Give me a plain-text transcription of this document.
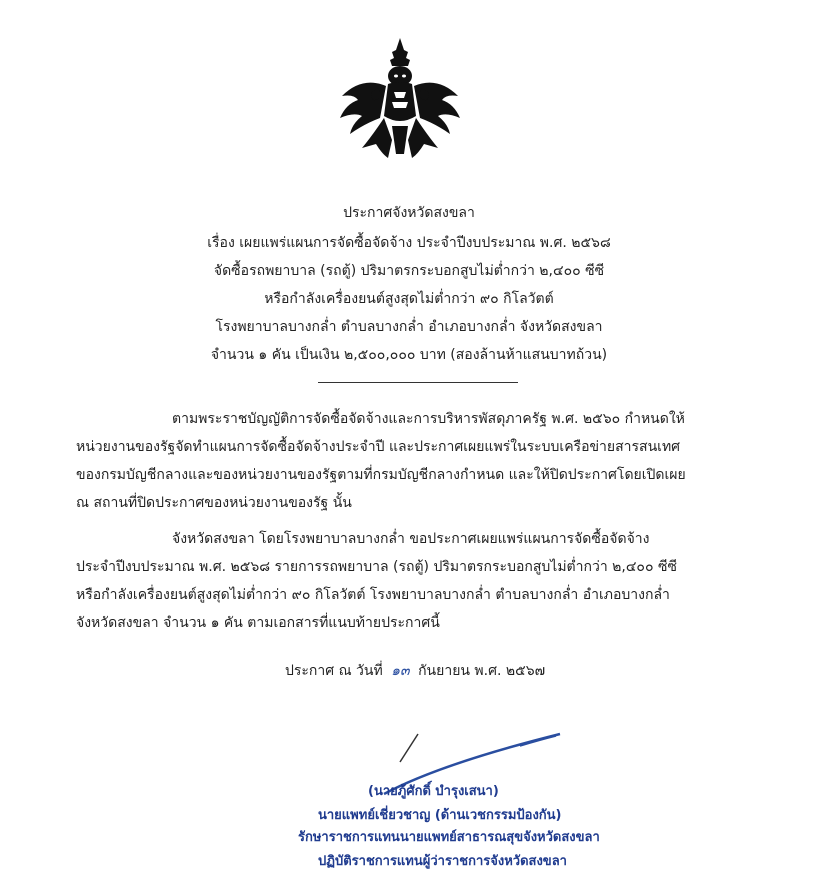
ประกาศจังหวัดสงขลา
เรื่อง เผยแพร่แผนการจัดซื้อจัดจ้าง ประจำปีงบประมาณ พ.ศ. ๒๕๖๘
จัดซื้อรถพยาบาล (รถตู้) ปริมาตรกระบอกสูบไม่ต่ำกว่า ๒,๔๐๐ ซีซี
หรือกำลังเครื่องยนต์สูงสุดไม่ต่ำกว่า ๙๐ กิโลวัตต์
โรงพยาบาลบางกล่ำ ตำบลบางกล่ำ อำเภอบางกล่ำ จังหวัดสงขลา
จำนวน ๑ คัน เป็นเงิน ๒,๕๐๐,๐๐๐ บาท (สองล้านห้าแสนบาทถ้วน)
ตามพระราชบัญญัติการจัดซื้อจัดจ้างและการบริหารพัสดุภาครัฐ พ.ศ. ๒๕๖๐ กำหนดให้
หน่วยงานของรัฐจัดทำแผนการจัดซื้อจัดจ้างประจำปี และประกาศเผยแพร่ในระบบเครือข่ายสารสนเทศ
ของกรมบัญชีกลางและของหน่วยงานของรัฐตามที่กรมบัญชีกลางกำหนด และให้ปิดประกาศโดยเปิดเผย
ณ สถานที่ปิดประกาศของหน่วยงานของรัฐ นั้น
จังหวัดสงขลา โดยโรงพยาบาลบางกล่ำ ขอประกาศเผยแพร่แผนการจัดซื้อจัดจ้าง
ประจำปีงบประมาณ พ.ศ. ๒๕๖๘ รายการรถพยาบาล (รถตู้) ปริมาตรกระบอกสูบไม่ต่ำกว่า ๒,๔๐๐ ซีซี
หรือกำลังเครื่องยนต์สูงสุดไม่ต่ำกว่า ๙๐ กิโลวัตต์ โรงพยาบาลบางกล่ำ ตำบลบางกล่ำ อำเภอบางกล่ำ
จังหวัดสงขลา จำนวน ๑ คัน ตามเอกสารที่แนบท้ายประกาศนี้
ประกาศ ณ วันที่ ๑๓ กันยายน พ.ศ. ๒๕๖๗
(นายภู้ศักดิ์ บำรุงเสนา)
นายแพทย์เชี่ยวชาญ (ด้านเวชกรรมป้องกัน)
รักษาราชการแทนนายแพทย์สาธารณสุขจังหวัดสงขลา
ปฏิบัติราชการแทนผู้ว่าราชการจังหวัดสงขลา
